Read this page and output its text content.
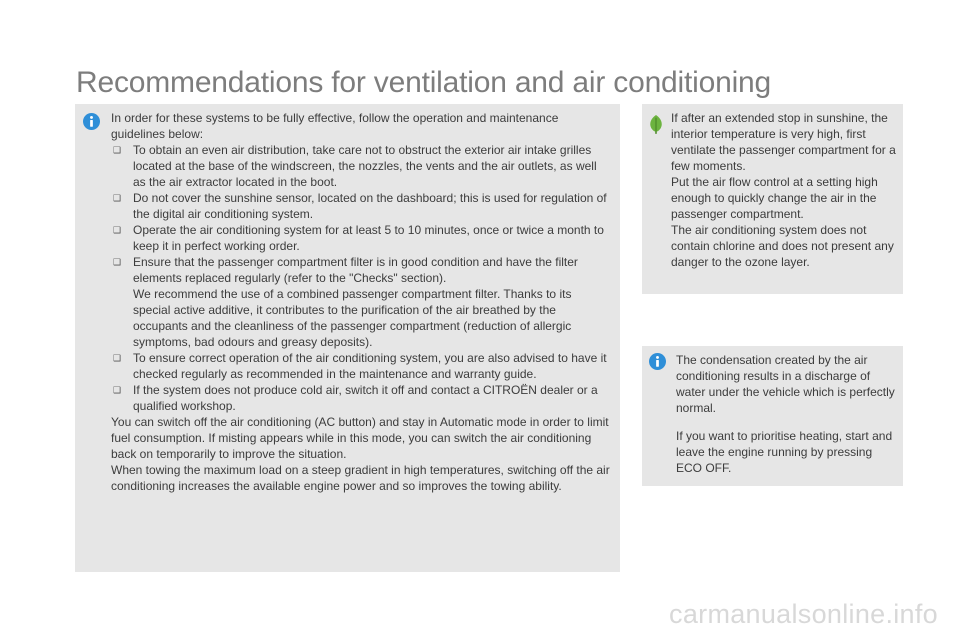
Recommendations for ventilation and air conditioning

In order for these systems to be fully effective, follow the operation and maintenance guidelines below:

❑ To obtain an even air distribution, take care not to obstruct the exterior air intake grilles located at the base of the windscreen, the nozzles, the vents and the air outlets, as well as the air extractor located in the boot.
❑ Do not cover the sunshine sensor, located on the dashboard; this is used for regulation of the digital air conditioning system.
❑ Operate the air conditioning system for at least 5 to 10 minutes, once or twice a month to keep it in perfect working order.
❑ Ensure that the passenger compartment filter is in good condition and have the filter elements replaced regularly (refer to the "Checks" section).
We recommend the use of a combined passenger compartment filter. Thanks to its special active additive, it contributes to the purification of the air breathed by the occupants and the cleanliness of the passenger compartment (reduction of allergic symptoms, bad odours and greasy deposits).
❑ To ensure correct operation of the air conditioning system, you are also advised to have it checked regularly as recommended in the maintenance and warranty guide.
❑ If the system does not produce cold air, switch it off and contact a CITROËN dealer or a qualified workshop.

You can switch off the air conditioning (AC button) and stay in Automatic mode in order to limit fuel consumption. If misting appears while in this mode, you can switch the air conditioning back on temporarily to improve the situation.

When towing the maximum load on a steep gradient in high temperatures, switching off the air conditioning increases the available engine power and so improves the towing ability.

If after an extended stop in sunshine, the interior temperature is very high, first ventilate the passenger compartment for a few moments.

Put the air flow control at a setting high enough to quickly change the air in the passenger compartment.

The air conditioning system does not contain chlorine and does not present any danger to the ozone layer.

The condensation created by the air conditioning results in a discharge of water under the vehicle which is perfectly normal.

If you want to prioritise heating, start and leave the engine running by pressing ECO OFF.

carmanualsonline.info
